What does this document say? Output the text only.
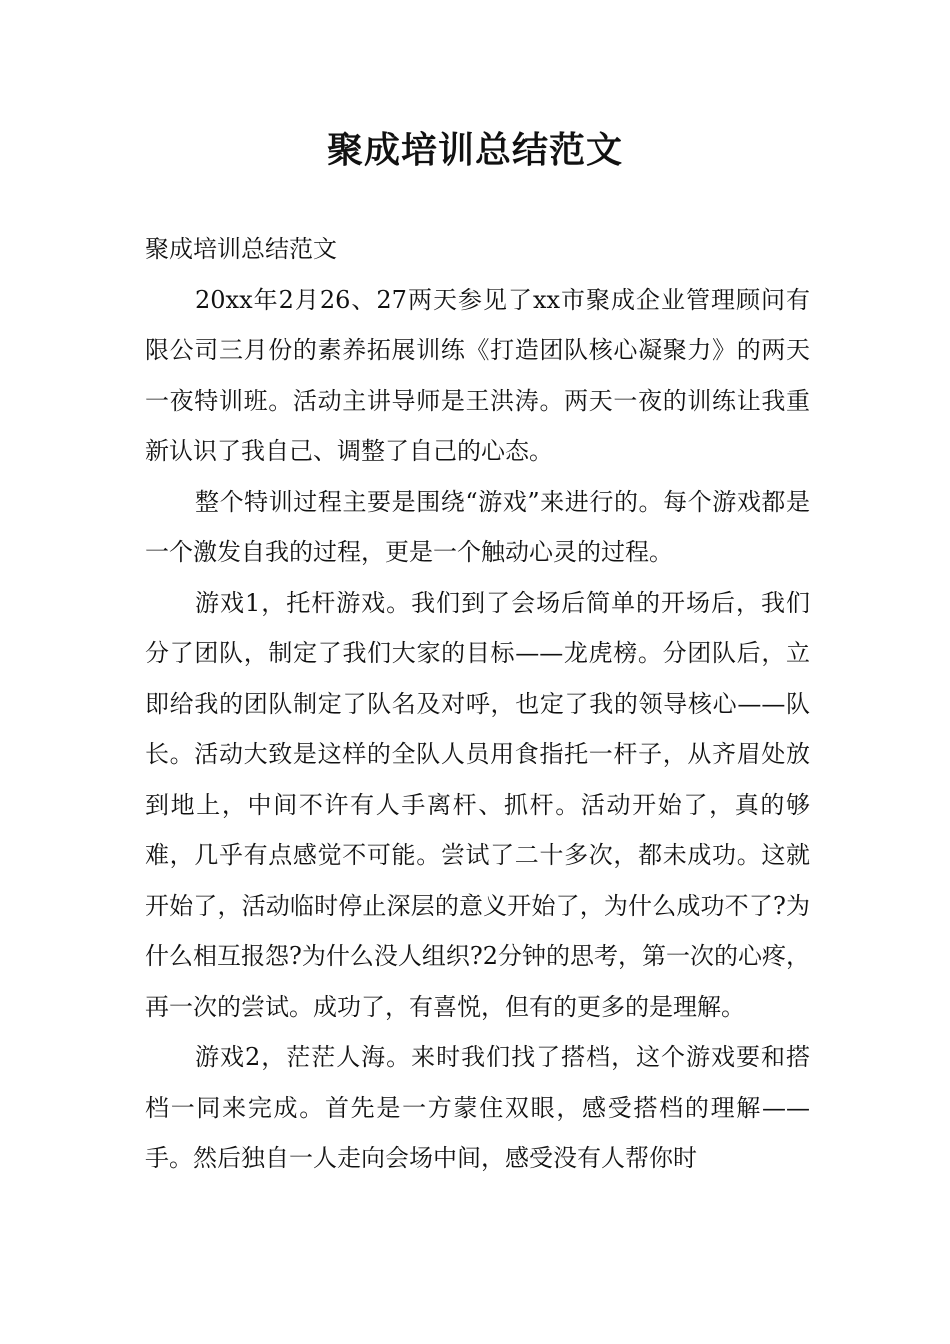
聚成培训总结范文

聚成培训总结范文

20xx年2月26、27两天参见了xx市聚成企业管理顾问有限公司三月份的素养拓展训练《打造团队核心凝聚力》的两天一夜特训班。活动主讲导师是王洪涛。两天一夜的训练让我重新认识了我自己、调整了自己的心态。

整个特训过程主要是围绕“游戏”来进行的。每个游戏都是一个激发自我的过程，更是一个触动心灵的过程。

游戏1，托杆游戏。我们到了会场后简单的开场后，我们分了团队，制定了我们大家的目标——龙虎榜。分团队后，立即给我的团队制定了队名及对呼，也定了我的领导核心——队长。活动大致是这样的全队人员用食指托一杆子，从齐眉处放到地上，中间不许有人手离杆、抓杆。活动开始了，真的够难，几乎有点感觉不可能。尝试了二十多次，都未成功。这就开始了，活动临时停止深层的意义开始了，为什么成功不了?为什么相互报怨?为什么没人组织?2分钟的思考，第一次的心疼，再一次的尝试。成功了，有喜悦，但有的更多的是理解。

游戏2，茫茫人海。来时我们找了搭档，这个游戏要和搭档一同来完成。首先是一方蒙住双眼，感受搭档的理解——手。然后独自一人走向会场中间，感受没有人帮你时
